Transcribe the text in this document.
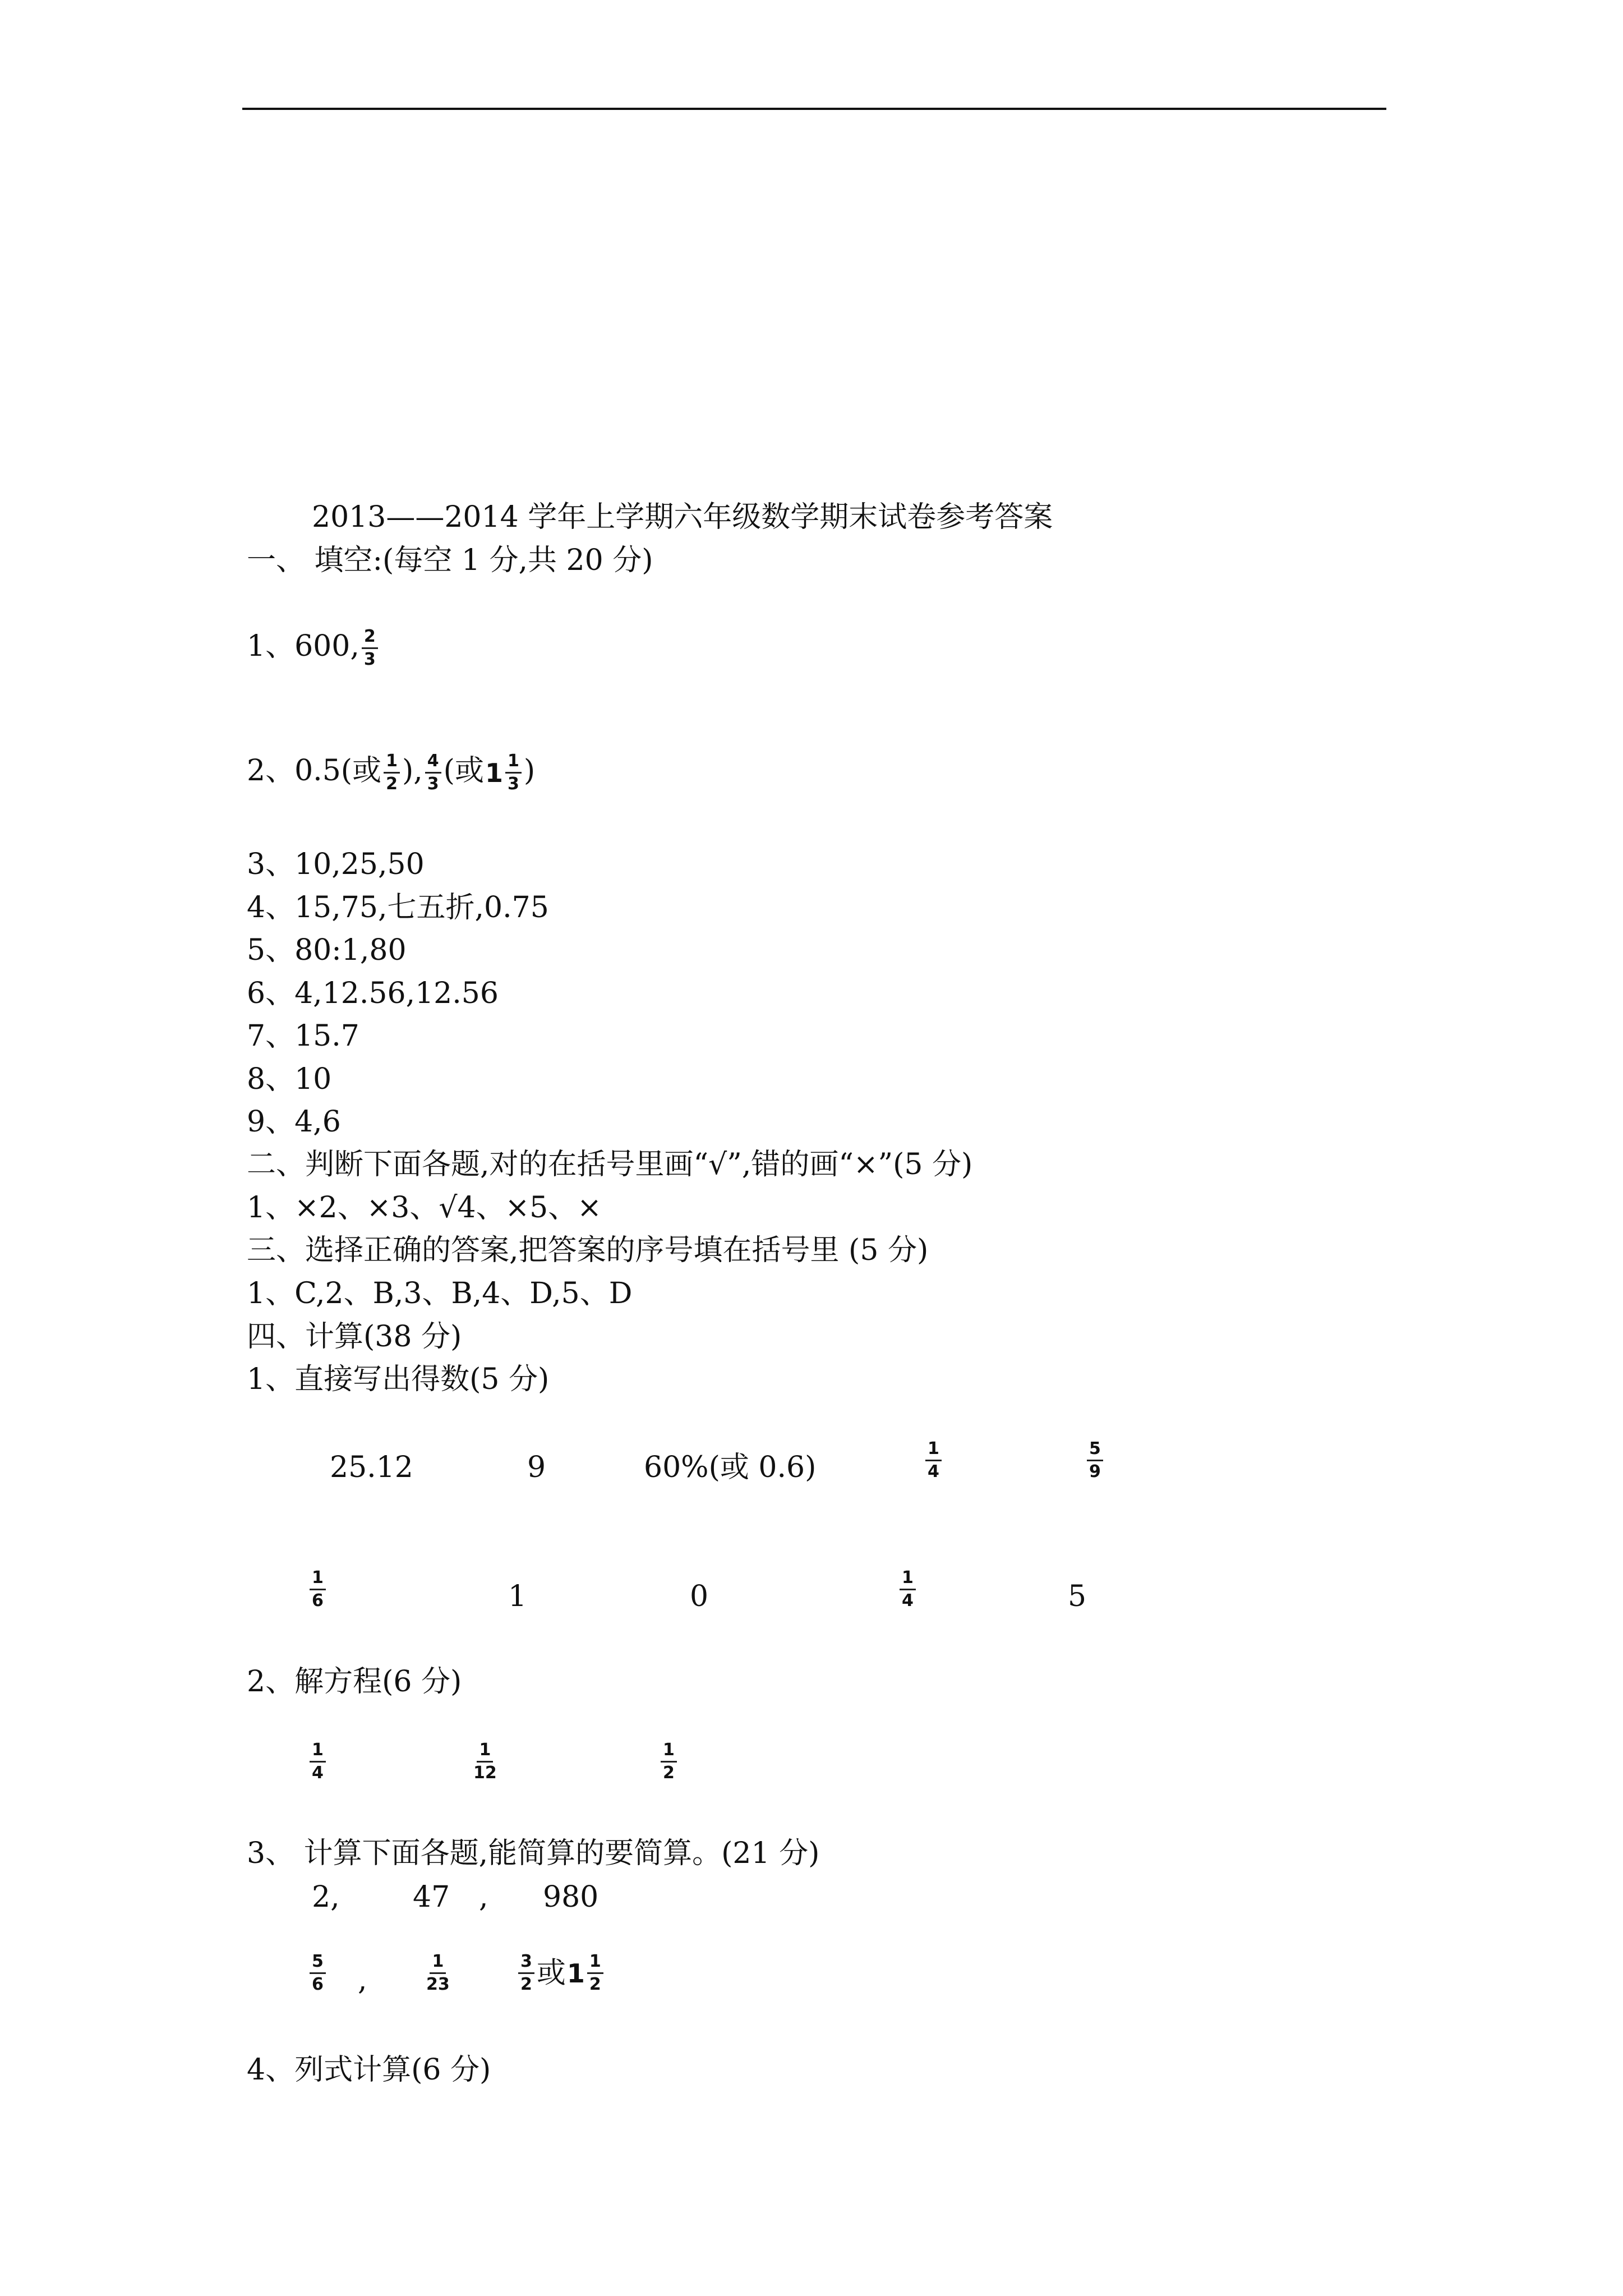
2013——2014 学年上学期六年级数学期末试卷参考答案
一、 填空:(每空 1 分,共 20 分)
1、600, $\frac{2}{3}$
2、0.5(或 $\frac{1}{2}$ ), $\frac{4}{3}$ (或$1 \frac{1}{3}$ )
3、10,25,50
4、15,75,七五折,0.75
5、80:1,80
6、4,12.56,12.56
7、15.7
8、10
9、4,6
二、判断下面各题,对的在括号里画“√”,错的画“×”(5 分)
1、×2、×3、√4、×5、×
三、选择正确的答案,把答案的序号填在括号里 (5 分)
1、C,2、B,3、B,4、D,5、D
四、计算(38 分)
1、直接写出得数(5 分)
25.12	9	60%(或 0.6)	$\frac{1}{4}$	$\frac{5}{9}$
$\frac{1}{6}$	1	0	$\frac{1}{4}$	5
2、解方程(6 分)
$\frac{1}{4}$	$\frac{1}{12}$	$\frac{1}{2}$
3、 计算下面各题,能简算的要简算。(21 分)
2,	47 , 980
$\frac{5}{6}$ ,	$\frac{1}{23}$	$\frac{3}{2}$ 或$1 \frac{1}{2}$
4、列式计算(6 分)
